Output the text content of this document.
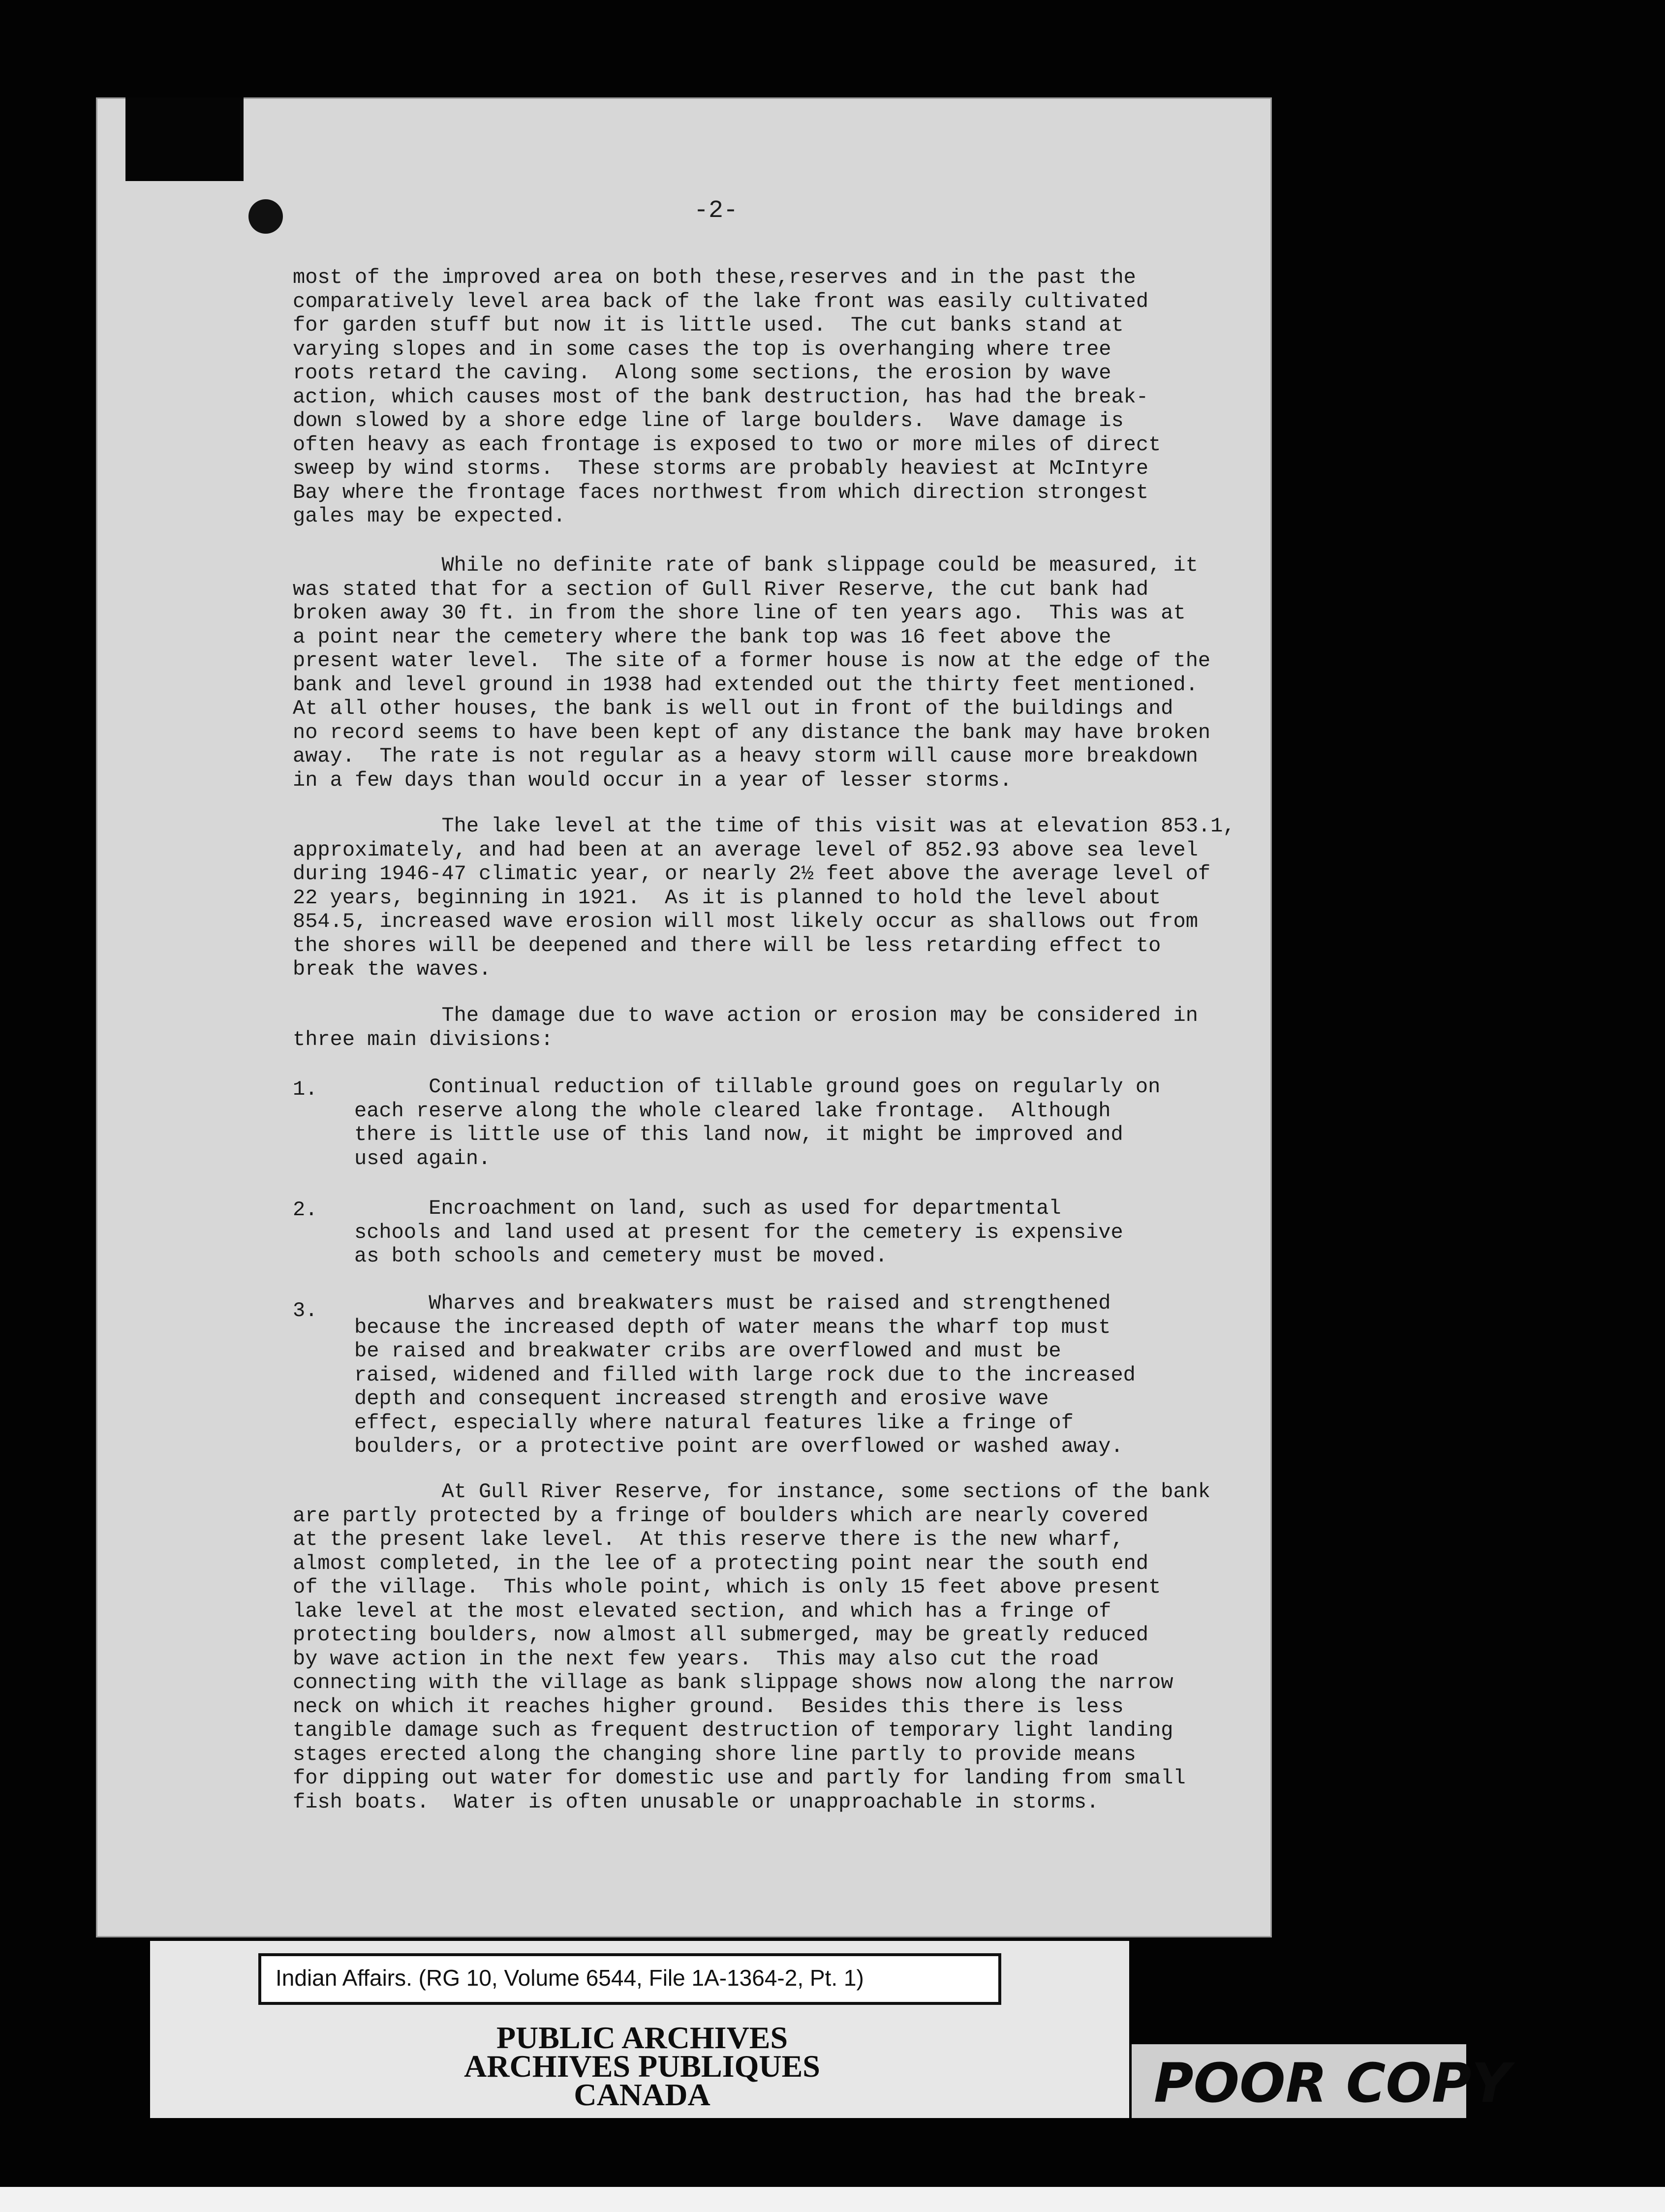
-2-
most of the improved area on both these,reserves and in the past the
comparatively level area back of the lake front was easily cultivated
for garden stuff but now it is little used.  The cut banks stand at
varying slopes and in some cases the top is overhanging where tree
roots retard the caving.  Along some sections, the erosion by wave
action, which causes most of the bank destruction, has had the break-
down slowed by a shore edge line of large boulders.  Wave damage is
often heavy as each frontage is exposed to two or more miles of direct
sweep by wind storms.  These storms are probably heaviest at McIntyre
Bay where the frontage faces northwest from which direction strongest
gales may be expected.
While no definite rate of bank slippage could be measured, it
was stated that for a section of Gull River Reserve, the cut bank had
broken away 30 ft. in from the shore line of ten years ago.  This was at
a point near the cemetery where the bank top was 16 feet above the
present water level.  The site of a former house is now at the edge of the
bank and level ground in 1938 had extended out the thirty feet mentioned.
At all other houses, the bank is well out in front of the buildings and
no record seems to have been kept of any distance the bank may have broken
away.  The rate is not regular as a heavy storm will cause more breakdown
in a few days than would occur in a year of lesser storms.
The lake level at the time of this visit was at elevation 853.1,
approximately, and had been at an average level of 852.93 above sea level
during 1946-47 climatic year, or nearly 2½ feet above the average level of
22 years, beginning in 1921.  As it is planned to hold the level about
854.5, increased wave erosion will most likely occur as shallows out from
the shores will be deepened and there will be less retarding effect to
break the waves.
The damage due to wave action or erosion may be considered in
three main divisions:
1.	Continual reduction of tillable ground goes on regularly on
each reserve along the whole cleared lake frontage.  Although
there is little use of this land now, it might be improved and
used again.
2.	Encroachment on land, such as used for departmental
schools and land used at present for the cemetery is expensive
as both schools and cemetery must be moved.
3.	Wharves and breakwaters must be raised and strengthened
because the increased depth of water means the wharf top must
be raised and breakwater cribs are overflowed and must be
raised, widened and filled with large rock due to the increased
depth and consequent increased strength and erosive wave
effect, especially where natural features like a fringe of
boulders, or a protective point are overflowed or washed away.
At Gull River Reserve, for instance, some sections of the bank
are partly protected by a fringe of boulders which are nearly covered
at the present lake level.  At this reserve there is the new wharf,
almost completed, in the lee of a protecting point near the south end
of the village.  This whole point, which is only 15 feet above present
lake level at the most elevated section, and which has a fringe of
protecting boulders, now almost all submerged, may be greatly reduced
by wave action in the next few years.  This may also cut the road
connecting with the village as bank slippage shows now along the narrow
neck on which it reaches higher ground.  Besides this there is less
tangible damage such as frequent destruction of temporary light landing
stages erected along the changing shore line partly to provide means
for dipping out water for domestic use and partly for landing from small
fish boats.  Water is often unusable or unapproachable in storms.
Indian Affairs. (RG 10, Volume 6544, File 1A-1364-2, Pt. 1)
PUBLIC ARCHIVES
ARCHIVES PUBLIQUES
CANADA	POOR COPY
